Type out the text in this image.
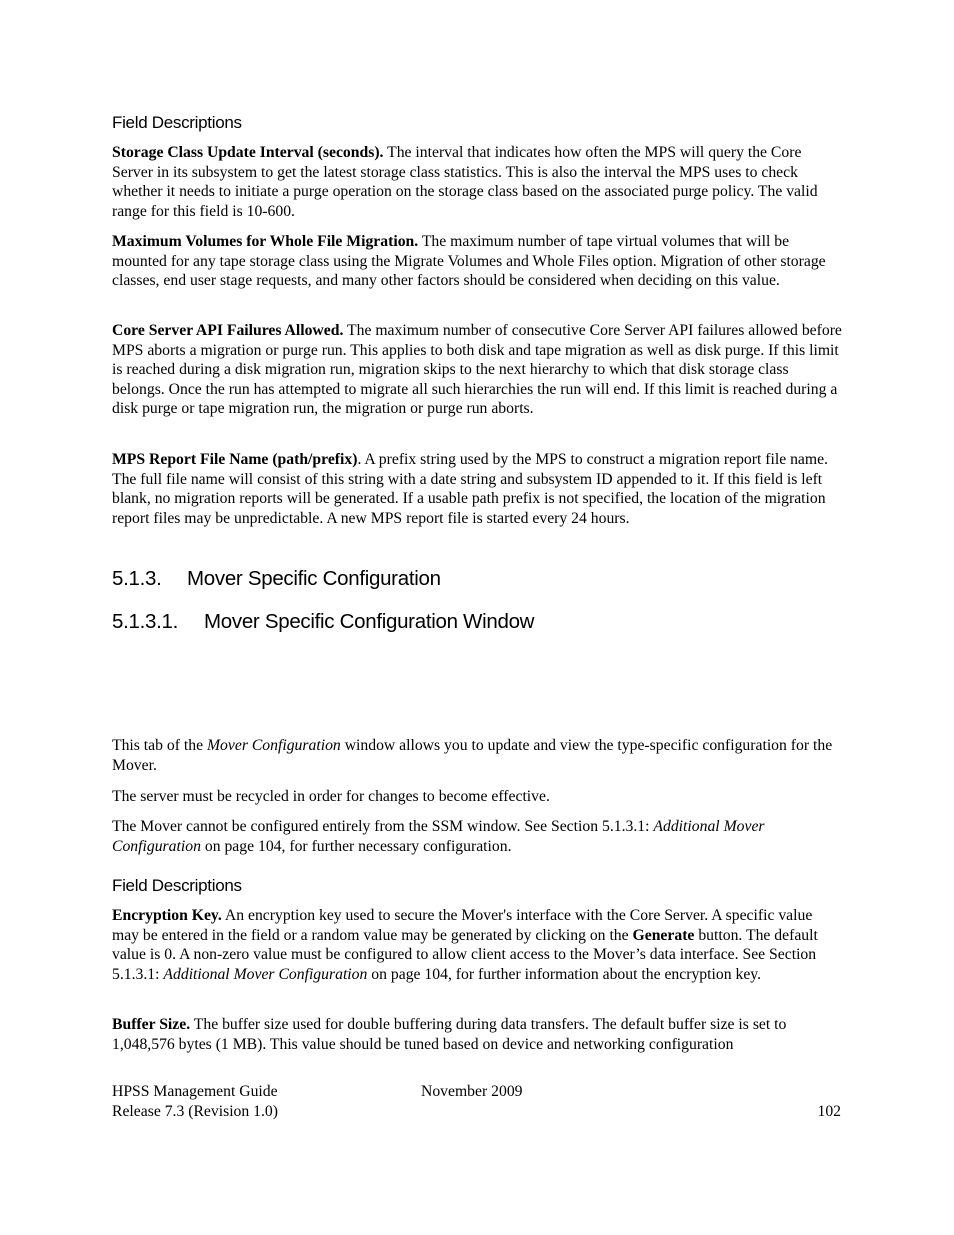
Field Descriptions

Storage Class Update Interval (seconds). The interval that indicates how often the MPS will query the Core Server in its subsystem to get the latest storage class statistics. This is also the interval the MPS uses to check whether it needs to initiate a purge operation on the storage class based on the associated purge policy. The valid range for this field is 10-600.

Maximum Volumes for Whole File Migration. The maximum number of tape virtual volumes that will be mounted for any tape storage class using the Migrate Volumes and Whole Files option. Migration of other storage classes, end user stage requests, and many other factors should be considered when deciding on this value.

Core Server API Failures Allowed. The maximum number of consecutive Core Server API failures allowed before MPS aborts a migration or purge run. This applies to both disk and tape migration as well as disk purge. If this limit is reached during a disk migration run, migration skips to the next hierarchy to which that disk storage class belongs. Once the run has attempted to migrate all such hierarchies the run will end. If this limit is reached during a disk purge or tape migration run, the migration or purge run aborts.

MPS Report File Name (path/prefix). A prefix string used by the MPS to construct a migration report file name. The full file name will consist of this string with a date string and subsystem ID appended to it. If this field is left blank, no migration reports will be generated. If a usable path prefix is not specified, the location of the migration report files may be unpredictable. A new MPS report file is started every 24 hours.

5.1.3. Mover Specific Configuration
5.1.3.1. Mover Specific Configuration Window

This tab of the Mover Configuration window allows you to update and view the type-specific configuration for the Mover.

The server must be recycled in order for changes to become effective.

The Mover cannot be configured entirely from the SSM window. See Section 5.1.3.1: Additional Mover Configuration on page 104, for further necessary configuration.

Field Descriptions

Encryption Key. An encryption key used to secure the Mover's interface with the Core Server. A specific value may be entered in the field or a random value may be generated by clicking on the Generate button. The default value is 0. A non-zero value must be configured to allow client access to the Mover’s data interface. See Section 5.1.3.1: Additional Mover Configuration on page 104, for further information about the encryption key.

Buffer Size. The buffer size used for double buffering during data transfers. The default buffer size is set to 1,048,576 bytes (1 MB). This value should be tuned based on device and networking configuration

HPSS Management Guide
Release 7.3 (Revision 1.0)
November 2009
102
